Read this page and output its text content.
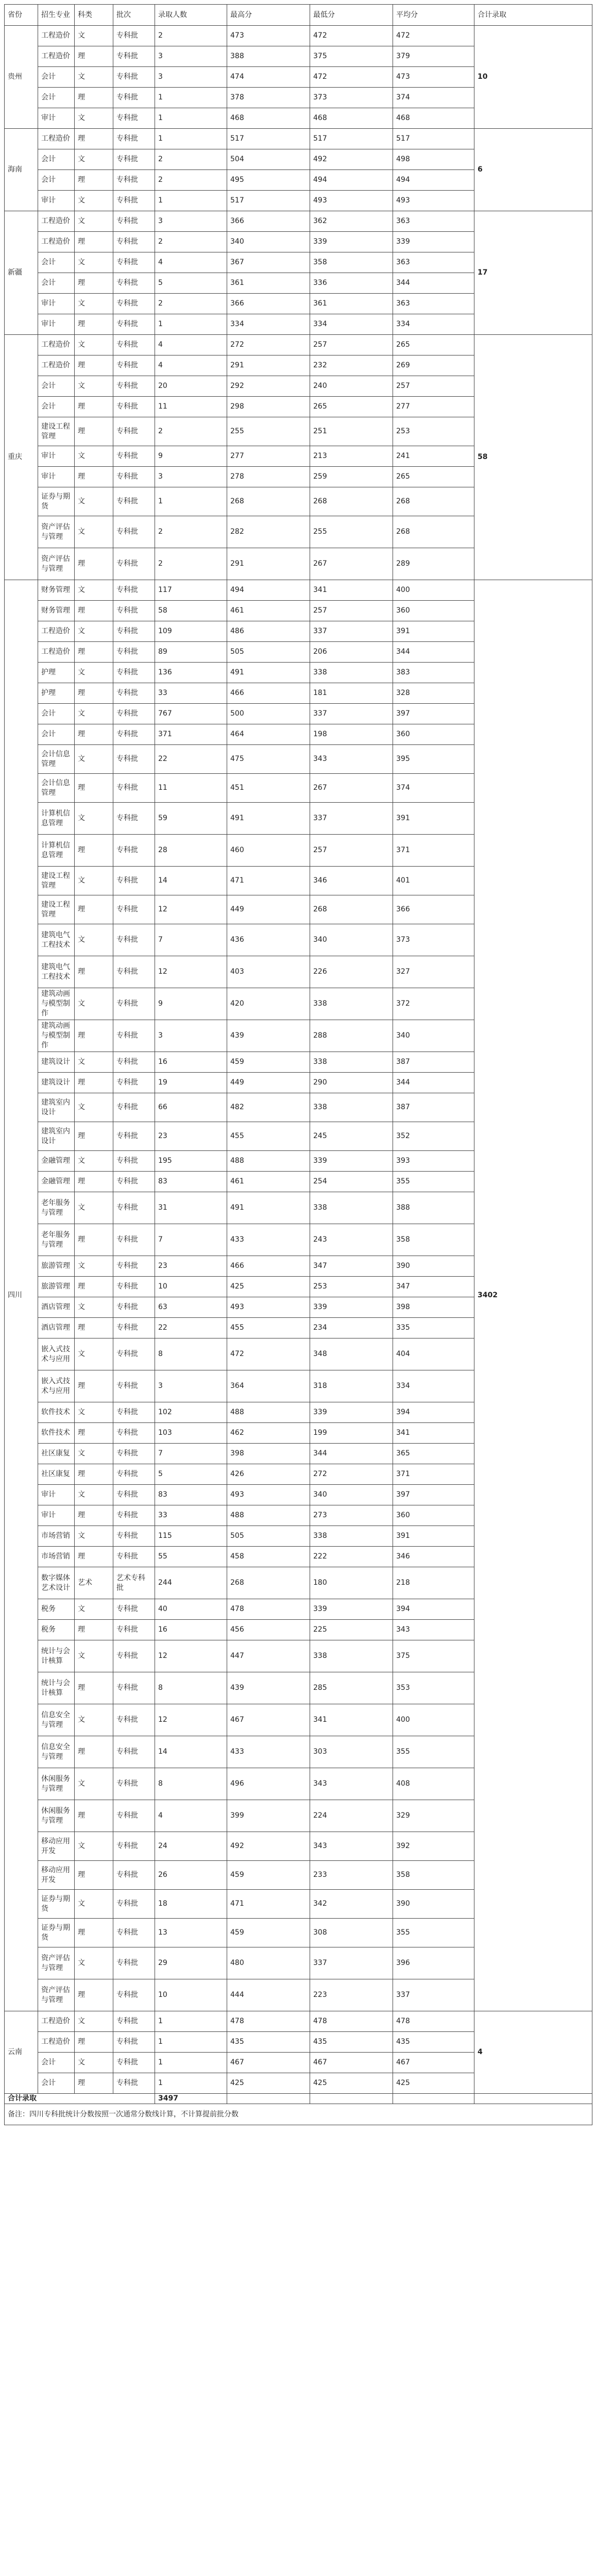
省份	招生专业	科类	批次	录取人数	最高分	最低分	平均分	合计录取
贵州	工程造价	文	专科批	2	473	472	472	10
	工程造价	理	专科批	3	388	375	379	
	会计	文	专科批	3	474	472	473	
	会计	理	专科批	1	378	373	374	
	审计	文	专科批	1	468	468	468	
海南	工程造价	理	专科批	1	517	517	517	6
	会计	文	专科批	2	504	492	498	
	会计	理	专科批	2	495	494	494	
	审计	文	专科批	1	517	493	493	
新疆	工程造价	文	专科批	3	366	362	363	17
	工程造价	理	专科批	2	340	339	339	
	会计	文	专科批	4	367	358	363	
	会计	理	专科批	5	361	336	344	
	审计	文	专科批	2	366	361	363	
	审计	理	专科批	1	334	334	334	
重庆	工程造价	文	专科批	4	272	257	265	58
	工程造价	理	专科批	4	291	232	269	
	会计	文	专科批	20	292	240	257	
	会计	理	专科批	11	298	265	277	
	建设工程管理	理	专科批	2	255	251	253	
	审计	文	专科批	9	277	213	241	
	审计	理	专科批	3	278	259	265	
	证券与期货	文	专科批	1	268	268	268	
	资产评估与管理	文	专科批	2	282	255	268	
	资产评估与管理	理	专科批	2	291	267	289	
四川	财务管理	文	专科批	117	494	341	400	3402
	财务管理	理	专科批	58	461	257	360	
	工程造价	文	专科批	109	486	337	391	
	工程造价	理	专科批	89	505	206	344	
	护理	文	专科批	136	491	338	383	
	护理	理	专科批	33	466	181	328	
	会计	文	专科批	767	500	337	397	
	会计	理	专科批	371	464	198	360	
	会计信息管理	文	专科批	22	475	343	395	
	会计信息管理	理	专科批	11	451	267	374	
	计算机信息管理	文	专科批	59	491	337	391	
	计算机信息管理	理	专科批	28	460	257	371	
	建设工程管理	文	专科批	14	471	346	401	
	建设工程管理	理	专科批	12	449	268	366	
	建筑电气工程技术	文	专科批	7	436	340	373	
	建筑电气工程技术	理	专科批	12	403	226	327	
	建筑动画与模型制作	文	专科批	9	420	338	372	
	建筑动画与模型制作	理	专科批	3	439	288	340	
	建筑设计	文	专科批	16	459	338	387	
	建筑设计	理	专科批	19	449	290	344	
	建筑室内设计	文	专科批	66	482	338	387	
	建筑室内设计	理	专科批	23	455	245	352	
	金融管理	文	专科批	195	488	339	393	
	金融管理	理	专科批	83	461	254	355	
	老年服务与管理	文	专科批	31	491	338	388	
	老年服务与管理	理	专科批	7	433	243	358	
	旅游管理	文	专科批	23	466	347	390	
	旅游管理	理	专科批	10	425	253	347	
	酒店管理	文	专科批	63	493	339	398	
	酒店管理	理	专科批	22	455	234	335	
	嵌入式技术与应用	文	专科批	8	472	348	404	
	嵌入式技术与应用	理	专科批	3	364	318	334	
	软件技术	文	专科批	102	488	339	394	
	软件技术	理	专科批	103	462	199	341	
	社区康复	文	专科批	7	398	344	365	
	社区康复	理	专科批	5	426	272	371	
	审计	文	专科批	83	493	340	397	
	审计	理	专科批	33	488	273	360	
	市场营销	文	专科批	115	505	338	391	
	市场营销	理	专科批	55	458	222	346	
	数字媒体艺术设计	艺术	艺术专科批	244	268	180	218	
	税务	文	专科批	40	478	339	394	
	税务	理	专科批	16	456	225	343	
	统计与会计核算	文	专科批	12	447	338	375	
	统计与会计核算	理	专科批	8	439	285	353	
	信息安全与管理	文	专科批	12	467	341	400	
	信息安全与管理	理	专科批	14	433	303	355	
	休闲服务与管理	文	专科批	8	496	343	408	
	休闲服务与管理	理	专科批	4	399	224	329	
	移动应用开发	文	专科批	24	492	343	392	
	移动应用开发	理	专科批	26	459	233	358	
	证券与期货	文	专科批	18	471	342	390	
	证券与期货	理	专科批	13	459	308	355	
	资产评估与管理	文	专科批	29	480	337	396	
	资产评估与管理	理	专科批	10	444	223	337	
云南	工程造价	文	专科批	1	478	478	478	4
	工程造价	理	专科批	1	435	435	435	
	会计	文	专科批	1	467	467	467	
	会计	理	专科批	1	425	425	425	
合计录取				3497				
备注：四川专科批统计分数按照一次通常分数线计算，不计算提前批分数								
